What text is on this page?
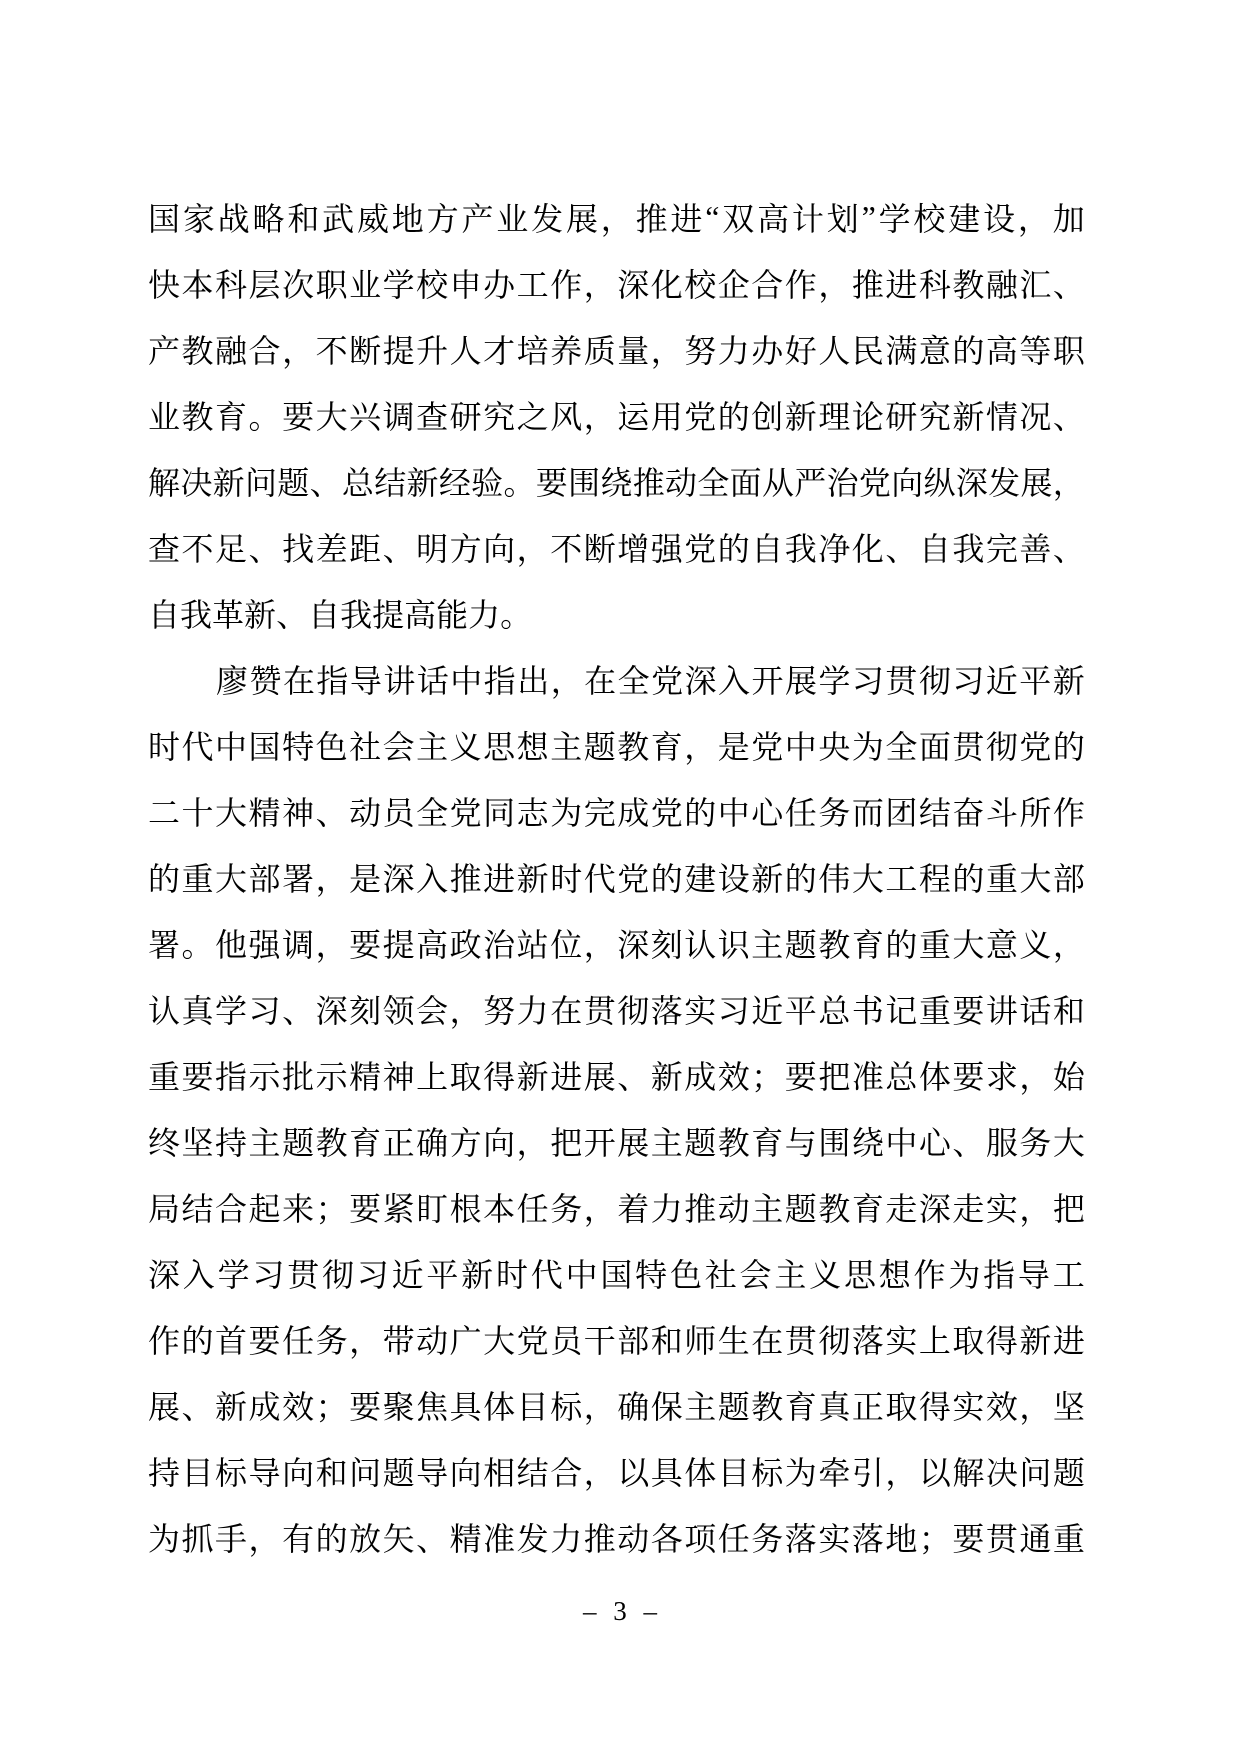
国 家 战 略 和 武 威 地 方 产 业 发 展 ， 推 进 “ 双 高 计 划 ” 学 校 建 设 ， 加
快 本 科 层 次 职 业 学 校 申 办 工 作 ， 深 化 校 企 合 作 ， 推 进 科 教 融 汇 、
产 教 融 合 ， 不 断 提 升 人 才 培 养 质 量 ， 努 力 办 好 人 民 满 意 的 高 等 职
业 教 育 。 要 大 兴 调 查 研 究 之 风 ， 运 用 党 的 创 新 理 论 研 究 新 情 况 、
解 决 新 问 题 、 总 结 新 经 验 。 要 围 绕 推 动 全 面 从 严 治 党 向 纵 深 发 展 ，
查 不 足 、 找 差 距 、 明 方 向 ， 不 断 增 强 党 的 自 我 净 化 、 自 我 完 善 、
自 我 革 新 、 自 我 提 高 能 力 。
廖 赞 在 指 导 讲 话 中 指 出 ， 在 全 党 深 入 开 展 学 习 贯 彻 习 近 平 新
时 代 中 国 特 色 社 会 主 义 思 想 主 题 教 育 ， 是 党 中 央 为 全 面 贯 彻 党 的
二 十 大 精 神 、 动 员 全 党 同 志 为 完 成 党 的 中 心 任 务 而 团 结 奋 斗 所 作
的 重 大 部 署 ， 是 深 入 推 进 新 时 代 党 的 建 设 新 的 伟 大 工 程 的 重 大 部
署 。 他 强 调 ， 要 提 高 政 治 站 位 ， 深 刻 认 识 主 题 教 育 的 重 大 意 义 ，
认 真 学 习 、 深 刻 领 会 ， 努 力 在 贯 彻 落 实 习 近 平 总 书 记 重 要 讲 话 和
重 要 指 示 批 示 精 神 上 取 得 新 进 展 、 新 成 效 ； 要 把 准 总 体 要 求 ， 始
终 坚 持 主 题 教 育 正 确 方 向 ， 把 开 展 主 题 教 育 与 围 绕 中 心 、 服 务 大
局 结 合 起 来 ； 要 紧 盯 根 本 任 务 ， 着 力 推 动 主 题 教 育 走 深 走 实 ， 把
深 入 学 习 贯 彻 习 近 平 新 时 代 中 国 特 色 社 会 主 义 思 想 作 为 指 导 工
作 的 首 要 任 务 ， 带 动 广 大 党 员 干 部 和 师 生 在 贯 彻 落 实 上 取 得 新 进
展 、 新 成 效 ； 要 聚 焦 具 体 目 标 ， 确 保 主 题 教 育 真 正 取 得 实 效 ， 坚
持 目 标 导 向 和 问 题 导 向 相 结 合 ， 以 具 体 目 标 为 牵 引 ， 以 解 决 问 题
为 抓 手 ， 有 的 放 矢 、 精 准 发 力 推 动 各 项 任 务 落 实 落 地 ； 要 贯 通 重
– 3 –
